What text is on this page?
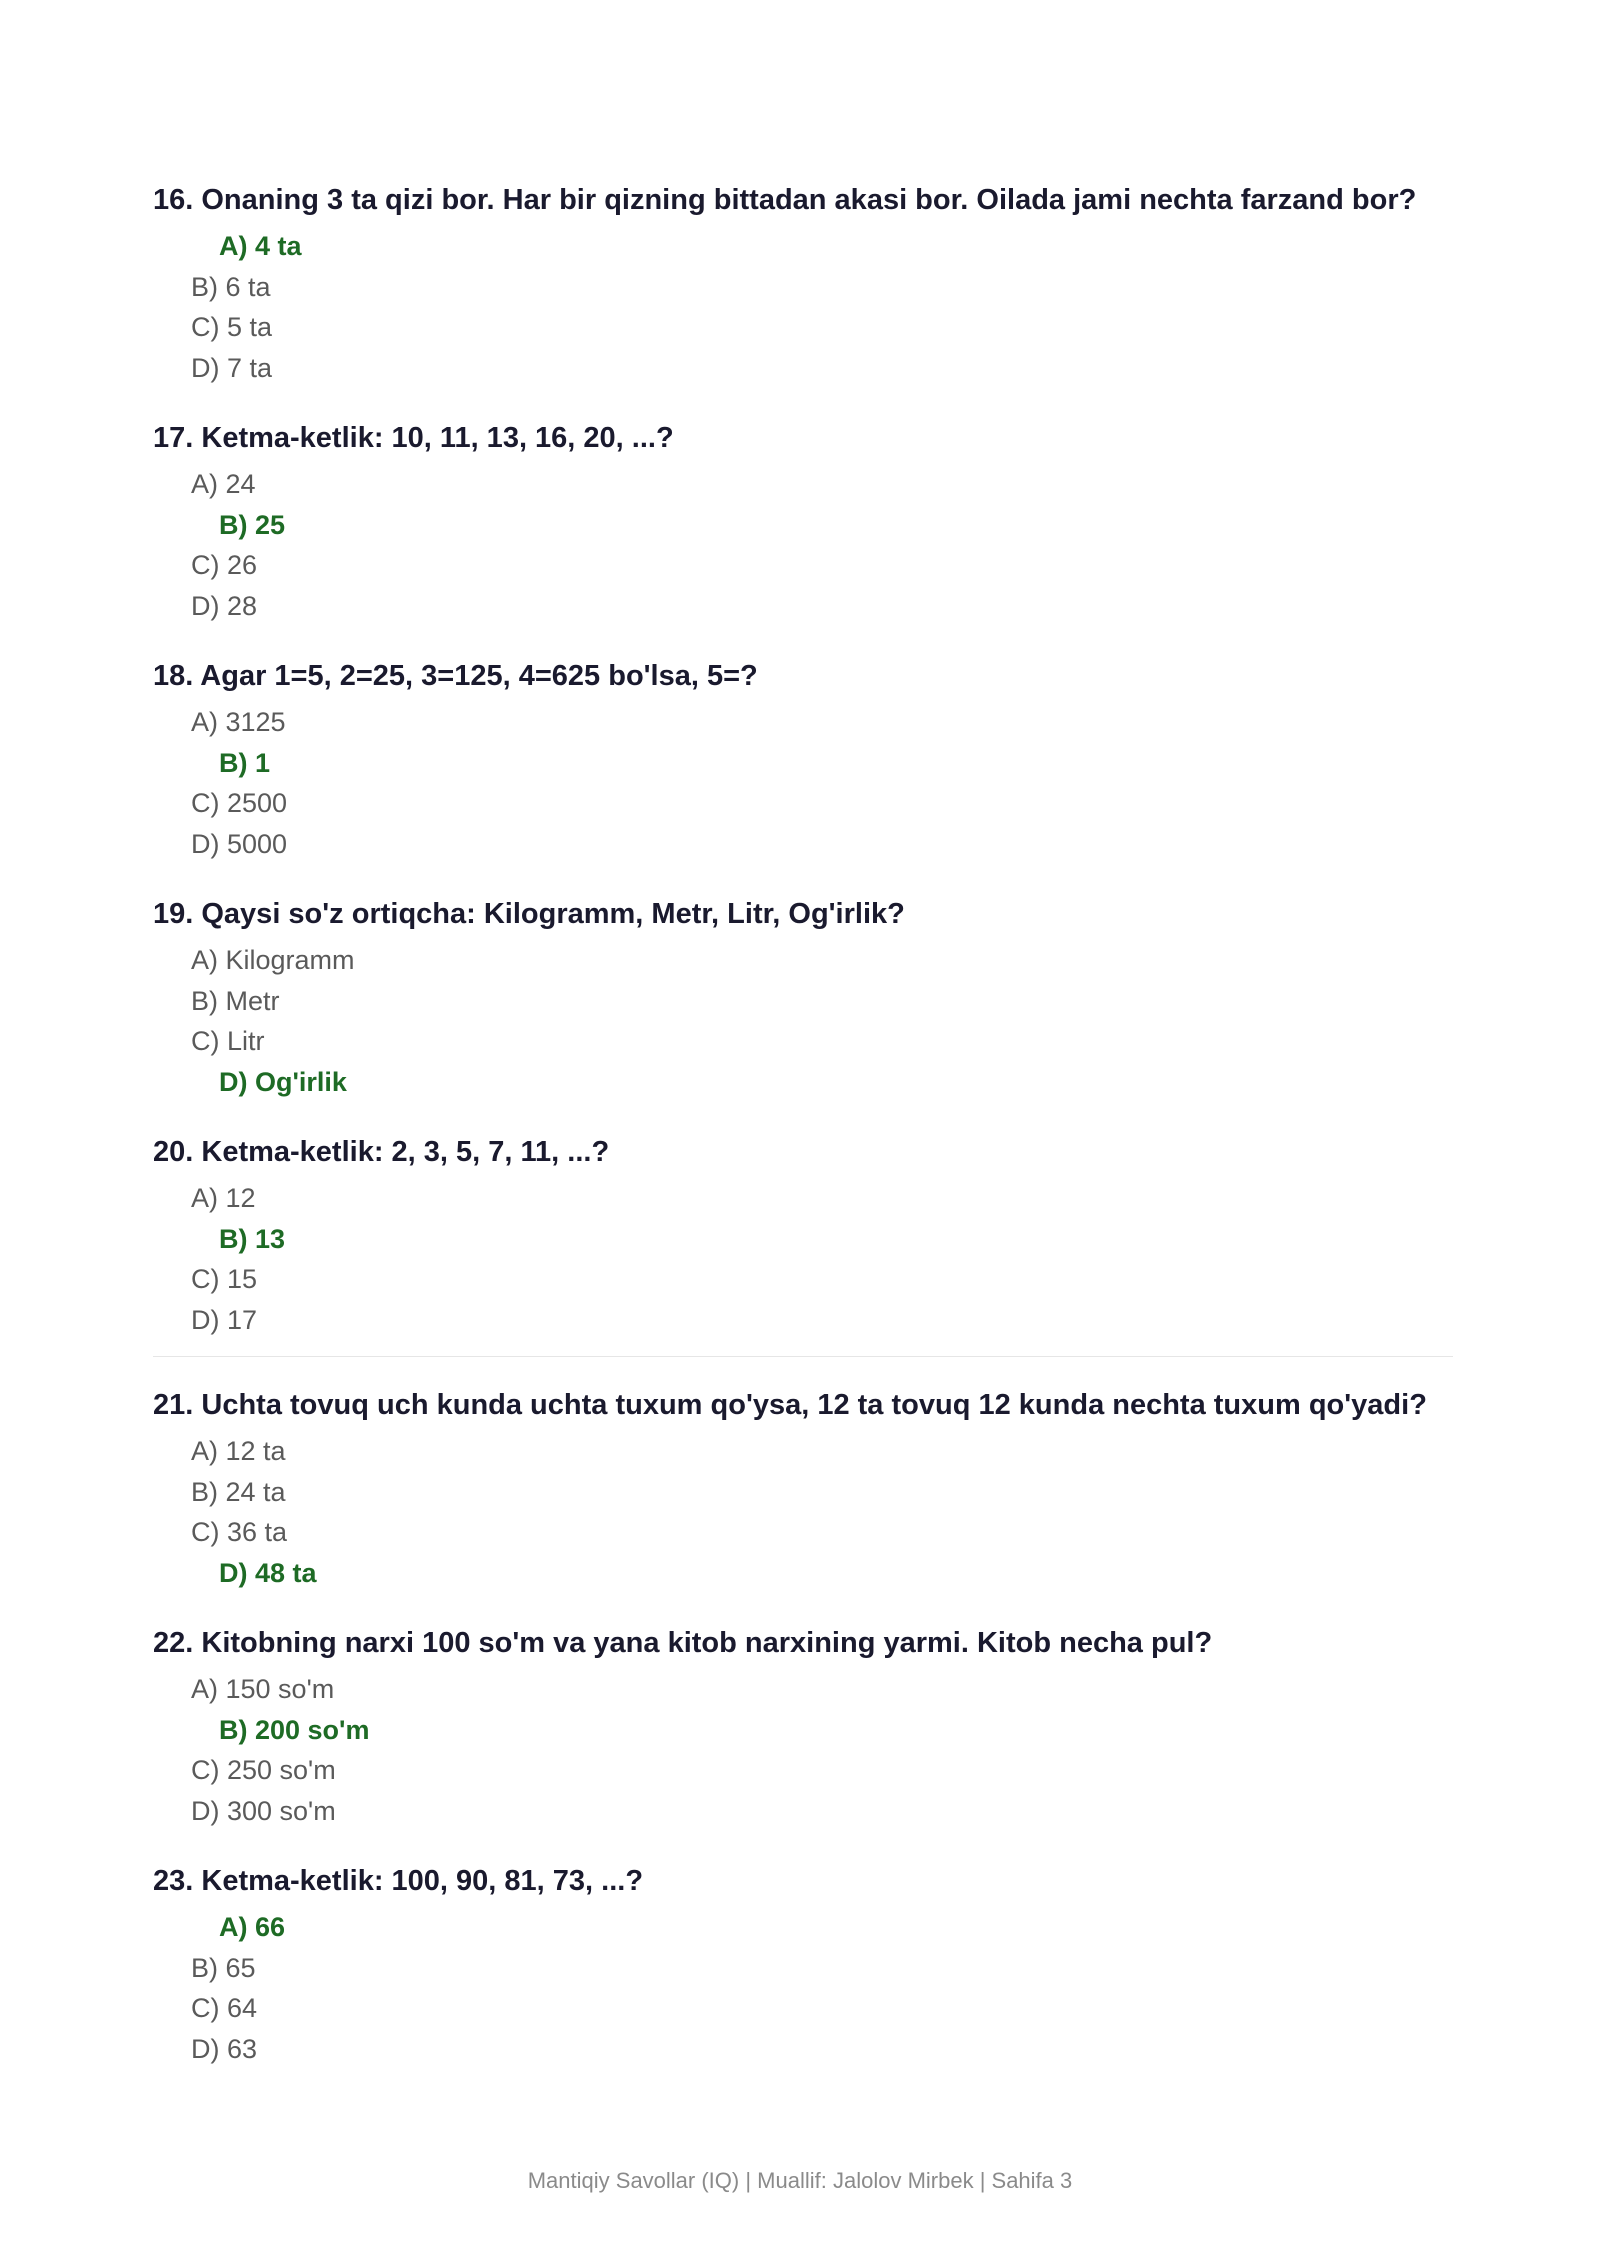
16. Onaning 3 ta qizi bor. Har bir qizning bittadan akasi bor. Oilada jami nechta farzand bor?
A) 4 ta
B) 6 ta
C) 5 ta
D) 7 ta
17. Ketma-ketlik: 10, 11, 13, 16, 20, ...?
A) 24
B) 25
C) 26
D) 28
18. Agar 1=5, 2=25, 3=125, 4=625 bo'lsa, 5=?
A) 3125
B) 1
C) 2500
D) 5000
19. Qaysi so'z ortiqcha: Kilogramm, Metr, Litr, Og'irlik?
A) Kilogramm
B) Metr
C) Litr
D) Og'irlik
20. Ketma-ketlik: 2, 3, 5, 7, 11, ...?
A) 12
B) 13
C) 15
D) 17
21. Uchta tovuq uch kunda uchta tuxum qo'ysa, 12 ta tovuq 12 kunda nechta tuxum qo'yadi?
A) 12 ta
B) 24 ta
C) 36 ta
D) 48 ta
22. Kitobning narxi 100 so'm va yana kitob narxining yarmi. Kitob necha pul?
A) 150 so'm
B) 200 so'm
C) 250 so'm
D) 300 so'm
23. Ketma-ketlik: 100, 90, 81, 73, ...?
A) 66
B) 65
C) 64
D) 63
Mantiqiy Savollar (IQ) | Muallif: Jalolov Mirbek | Sahifa 3
